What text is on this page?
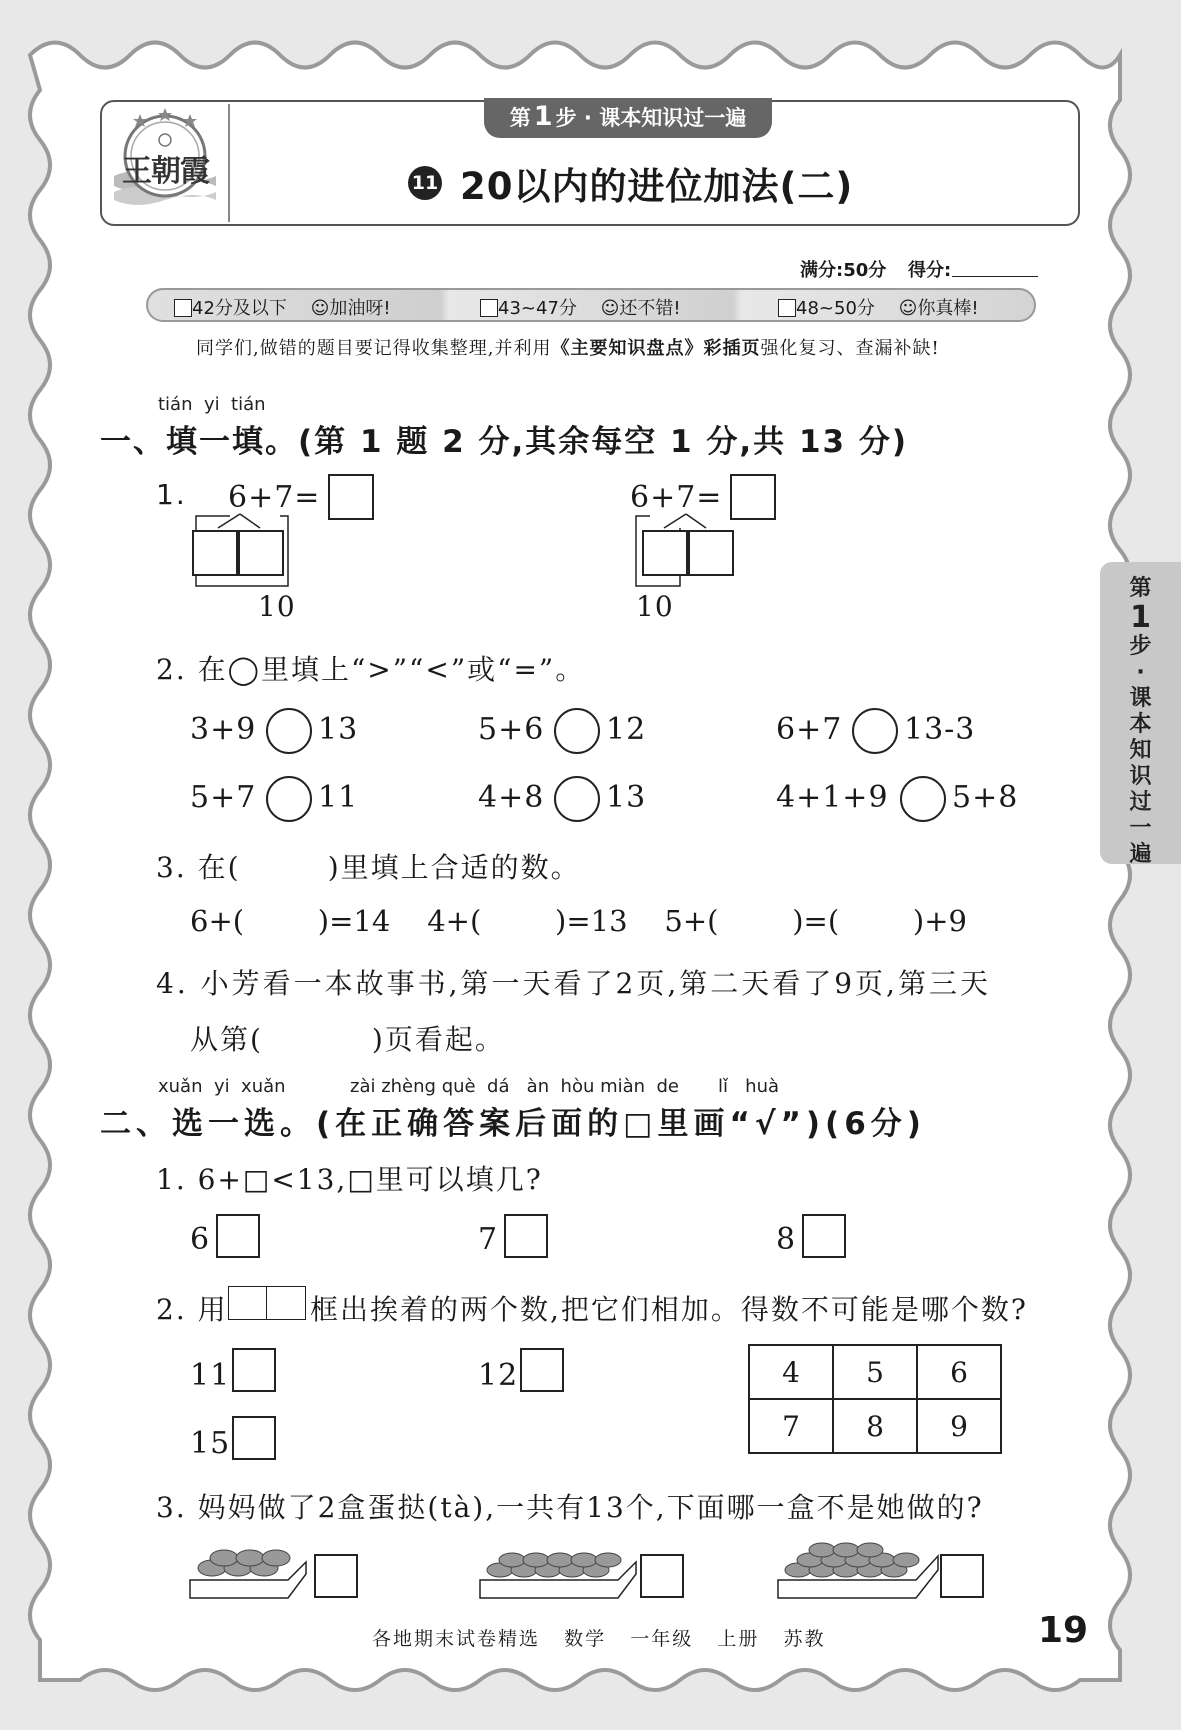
王朝霞
第 1 步 · 课本知识过一遍
11 20以内的进位加法(二)
满分:50分 得分:
42分及以下 ☺加油呀!	43~47分 ☺还不错!	48~50分 ☺你真棒!
同学们,做错的题目要记得收集整理,并利用《主要知识盘点》彩插页强化复习、查漏补缺!
tián  yi  tián
一、填一填。(第 1 题 2 分,其余每空 1 分,共 13 分)
1. 6+7=
10
6+7=
10
2. 在◯里填上“>”“<”或“=”。
3+9 13	5+6 12	6+7 13-3
5+7 11	4+8 13	4+1+9 5+8
3. 在(        )里填上合适的数。
6+(        )=14    4+(        )=13    5+(        )=(        )+9
4. 小芳看一本故事书,第一天看了2页,第二天看了9页,第三天
从第(          )页看起。
xuǎn  yi  xuǎn	zài zhèng què  dá   àn  hòu miàn  de lǐ   huà
二、选一选。(在正确答案后面的□里画“√”)(6分)
1. 6+□<13,□里可以填几?
6	7	8
2. 用	框出挨着的两个数,把它们相加。得数不可能是哪个数?
11	12
15
4	5	6
7	8	9
3. 妈妈做了2盒蛋挞(tà),一共有13个,下面哪一盒不是她做的?
第
1
步·课本知识过一遍
各地期末试卷精选   数学   一年级   上册   苏教	19
